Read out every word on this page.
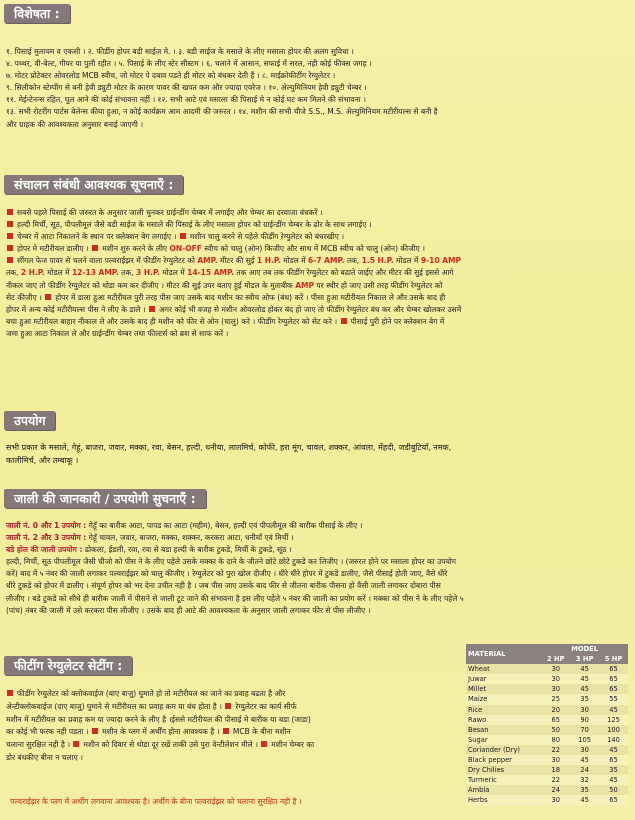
विशेषता :

१. पिसाई मुलायम व एकसी । २. फीडींग होपर बडी साईज मे. । ३. बडी साईज के मसाले के लीए मसाला होपर की अलग सुविधा ।

४. पथ्थर, वी-बेल्ट, गीयर या पुली रहीत । ५. पिसाई के लीए स्टेर सीस्टम । ६. चलाने में आसान, सफाई में सरल, नही कोई फीक्स जगह ।

७. मोटर प्रोटेक्टर ओवरलोड MCB स्वीच, जो मोटर पे दबाव पडते ही मोटर को बंधकर देती हैं । ८. माईक्रोफीटींग रेग्युलेटर ।

९. सिलीकोन स्टेम्पींग से बनी हेवी ड्युटी मोटर के कारण पावर की खपत कम और ज्यादा एवरेज । १०. अेल्युमिनियम हेवी ड्युटी चेम्बर ।

११. मेईन्टेनन्स रहित, घुल आने की कोई संभावना नहीं । १२. सभी आटे एवं मसाला की पिसाई मे न कोई घट कम मिलने की संभावना ।

१३. सभी रोटरींग पार्टस बेलेन्स कीया हुआ, न कोई कार्यक्रम आम आदमी की जरुरत । १४. मशीन की सभी चीजे S.S., M.S. अेल्युमिनियम मटीरीयल्स से बनी है

और ग्राहक की आवश्यकता अनुसार बनाई जाएगी ।

संचालन संबंधी आवश्यक सूचनाएँ :

सबसे पहले पिसाई की जरुरत के अनुसार जाली चुनकर ग्राईन्डींग चेम्बर में लगाईए और चेम्बर का दरवाजा बंधकरें ।

हल्दी मिर्ची, सूठ, पीपलीमूल जैसे बडी साईज के मसाले की पिसाई के लीए मसाला होपर को ग्राईन्डींग चेम्बर के ढोर के साथ लगाईए ।

चेम्बर में आटा निकालने के स्थान पर क्लेक्शन बेग लगाईए । मशीन चालु करने से पहेले फीडींग रेग्युलेटर को बंधरखीए ।

होपर मे मटीरीयल डालीए । मशीन शुरु करने के लीए ON-OFF स्वीच को चालु (ओन) किजीए और साथ में MCB स्वीच को चालु (ओन) कीजीए ।

सींगल फेज पावर से चलने वाला पल्वराईझर में फीडींग रेग्युलेटर को AMP. मीटर की सुई 1 H.P. मोडल में 6-7 AMP. तक, 1.5 H.P. मोडल में 9-10 AMP

तक, 2 H.P. मोडल में 12-13 AMP. तक, 3 H.P. मोडल में 14-15 AMP. तक आए तब तक फीडींग रेग्युलेटर को बढाते जाईए और मीटर की सुई इससे आगे

नीकल जाए तो फीडींग रेग्युलेटर को थोडा कम कर दीजीए । मीटर की सुई उपर बताए हुई मोडल के मुताबीक AMP पर स्थीर हो जाए उसी तरह फीडींग रेग्युलेटर को

सेट कीजीए । होपर में डाला हुआ मटीरीयल पुरी तरह पीस जाए उसके बाद मशीन का स्वीच ओफ (बंध) करें । पीसा हुआ मटीरीयल निकाल ले और उसके बाद ही

होपर में अन्य कोई मटीरीयल्स पीस ने लीए के डाले । अगर कोई भी वजह से मशीन ओवरलोड होकर बंद हो जाए तो फीडींग रेग्युलेटर बंध कर और चेम्बर खोलकर उसमें

बचा हुआ मटीरीयल बाहार नीकाल ले और उसके बाद ही मशीन को फीर से ओन (चालु) करे । फीडींग रेग्युलेटर को सेट करे । पीसाई पुरी होने पर क्लेक्शन बेग में

जमा हुआ आटा निकाल ले और ग्राईन्डींग चेम्बर तथा फील्टर्स को ब्रश से साफ करें ।

उपयोग

सभी प्रकार के मसाले, गेहूं, बाजरा, जवार, मक्का, रवा, बेसन, हल्दी, धनीया, लालमिर्च, कोफी, हरा मूंग, चावल, शक्कर, आंवला, मेंहदी, जडीबुटियाँ, नमक,

कालीमिर्च, और तम्बाकू ।

जाली की जानकारी / उपयोगी सुचनाएँ :

जाली नं. 0 और 1 उपयोग : गेहूँ का बारीक आटा, पापड का आटा (महीम), बेसन, हल्दी एवं पीपलीमूल की बारीक पीसाई के लीए ।

जाली नं. 2 और 3 उपयोग : गेहूँ चावल, जवार, बाजरा, मक्का, शक्कर, करकरा आटा, धनीयाँ एवं मिर्ची ।

बडे होल की जाली उपयोग : ढोकला, ईडली, रवा, रवा से बडा हल्दी के बारीक टुकडे, मिर्ची के टुकडे, सूंठ ।

हल्दी, मिर्ची, सूठ पीपलीमूल जैसी चीजो को पीस ने के लीए पहेले उसके मक्का के दाने के जीतने छोटे छोटे टुकडे कर लिजीए । (जरुरत होने पर मसाला होपर का उपयोग

करें) बाद में ५ नंबर की जाली लगाकर पल्वराईझर को चालु कीजीए । रेग्युलेटर को पुरा खोल दीजीए । धीरे धीरे होपर में टुकडे डालीए, जैसे पीसाई होती जाए, वैसे धीरे

धीरे टुकडे को होपर में डालीए । संपूर्ण होपर को भर देना उचीत नही है । जब पीस जाए उसके बाद फीर से जीतना बारीक पीसना हो वैसी जाली लगाकर दोबारा पीस

लीजीए । बडे टुकडे को सीधे ही बारीक जाली में पीसने से जाली टूट जाने की संभावना है इस लीए पहेले ५ नंबर की जाली का प्रयोग करें । मक्का को पीस ने के लीए पहेले ५

(पांच) नंबर की जाली में उसे करकरा पीस लीजीए । उसके बाद ही आटे की आवश्यकता के अनुसार जाली लगाकर फीर से पीस लीजीए ।

फीटींग रेग्युलेटर सेटींग :

फीडींग रेग्युलेटर को क्लोकवाईज (बाए बाजु) घुमाते हो तो मटीरीयल का जाने का प्रवाह बढता है और

अेन्टीक्लोकवाईज (दाए बाजु) घुमाने से मटीरीयल का प्रवाह कम या बंध होता है । रेग्युलेटर का कार्य सीर्फ

मशीन में मटीरीयल का प्रवाह कम या ज्यादा करने के लीए है ।ईससे मटीरीयल की पीसाई मे बारीक या बडा (जाडा)

का कोई भी फरक नही पडता । मशीन के प्लग में अर्थींग होना आवश्यक है । MCB के बीना मशीन

चलाना सुरक्षित नही है । मशीन को दिवार से थोडा दूर रखें ताकी उसे पुरा वेन्टीलेशन मीले । मशीन चेम्बर का

डोर बंधकीए बीना न चलाए ।

पल्वराईझर के प्लग में अर्थीग लगवाना आवश्यक है। अर्थीग के बीना पल्वराईझर को चलाना सुरक्षित नही है ।
MATERIAL	MODEL		
	2 HP	3 HP	5 HP
Wheat	30	45	65
Juwar	30	45	65
Millet	30	45	65
Maize	25	35	55
Rice	20	30	45
Rawo	65	90	125
Besan	50	70	100
Sugar	80	105	140
Coriander (Dry)	22	30	45
Black pepper	30	45	65
Dry Chilies	18	24	35
Turmeric	22	32	45
Ambla	24	35	50
Herbs	30	45	65
